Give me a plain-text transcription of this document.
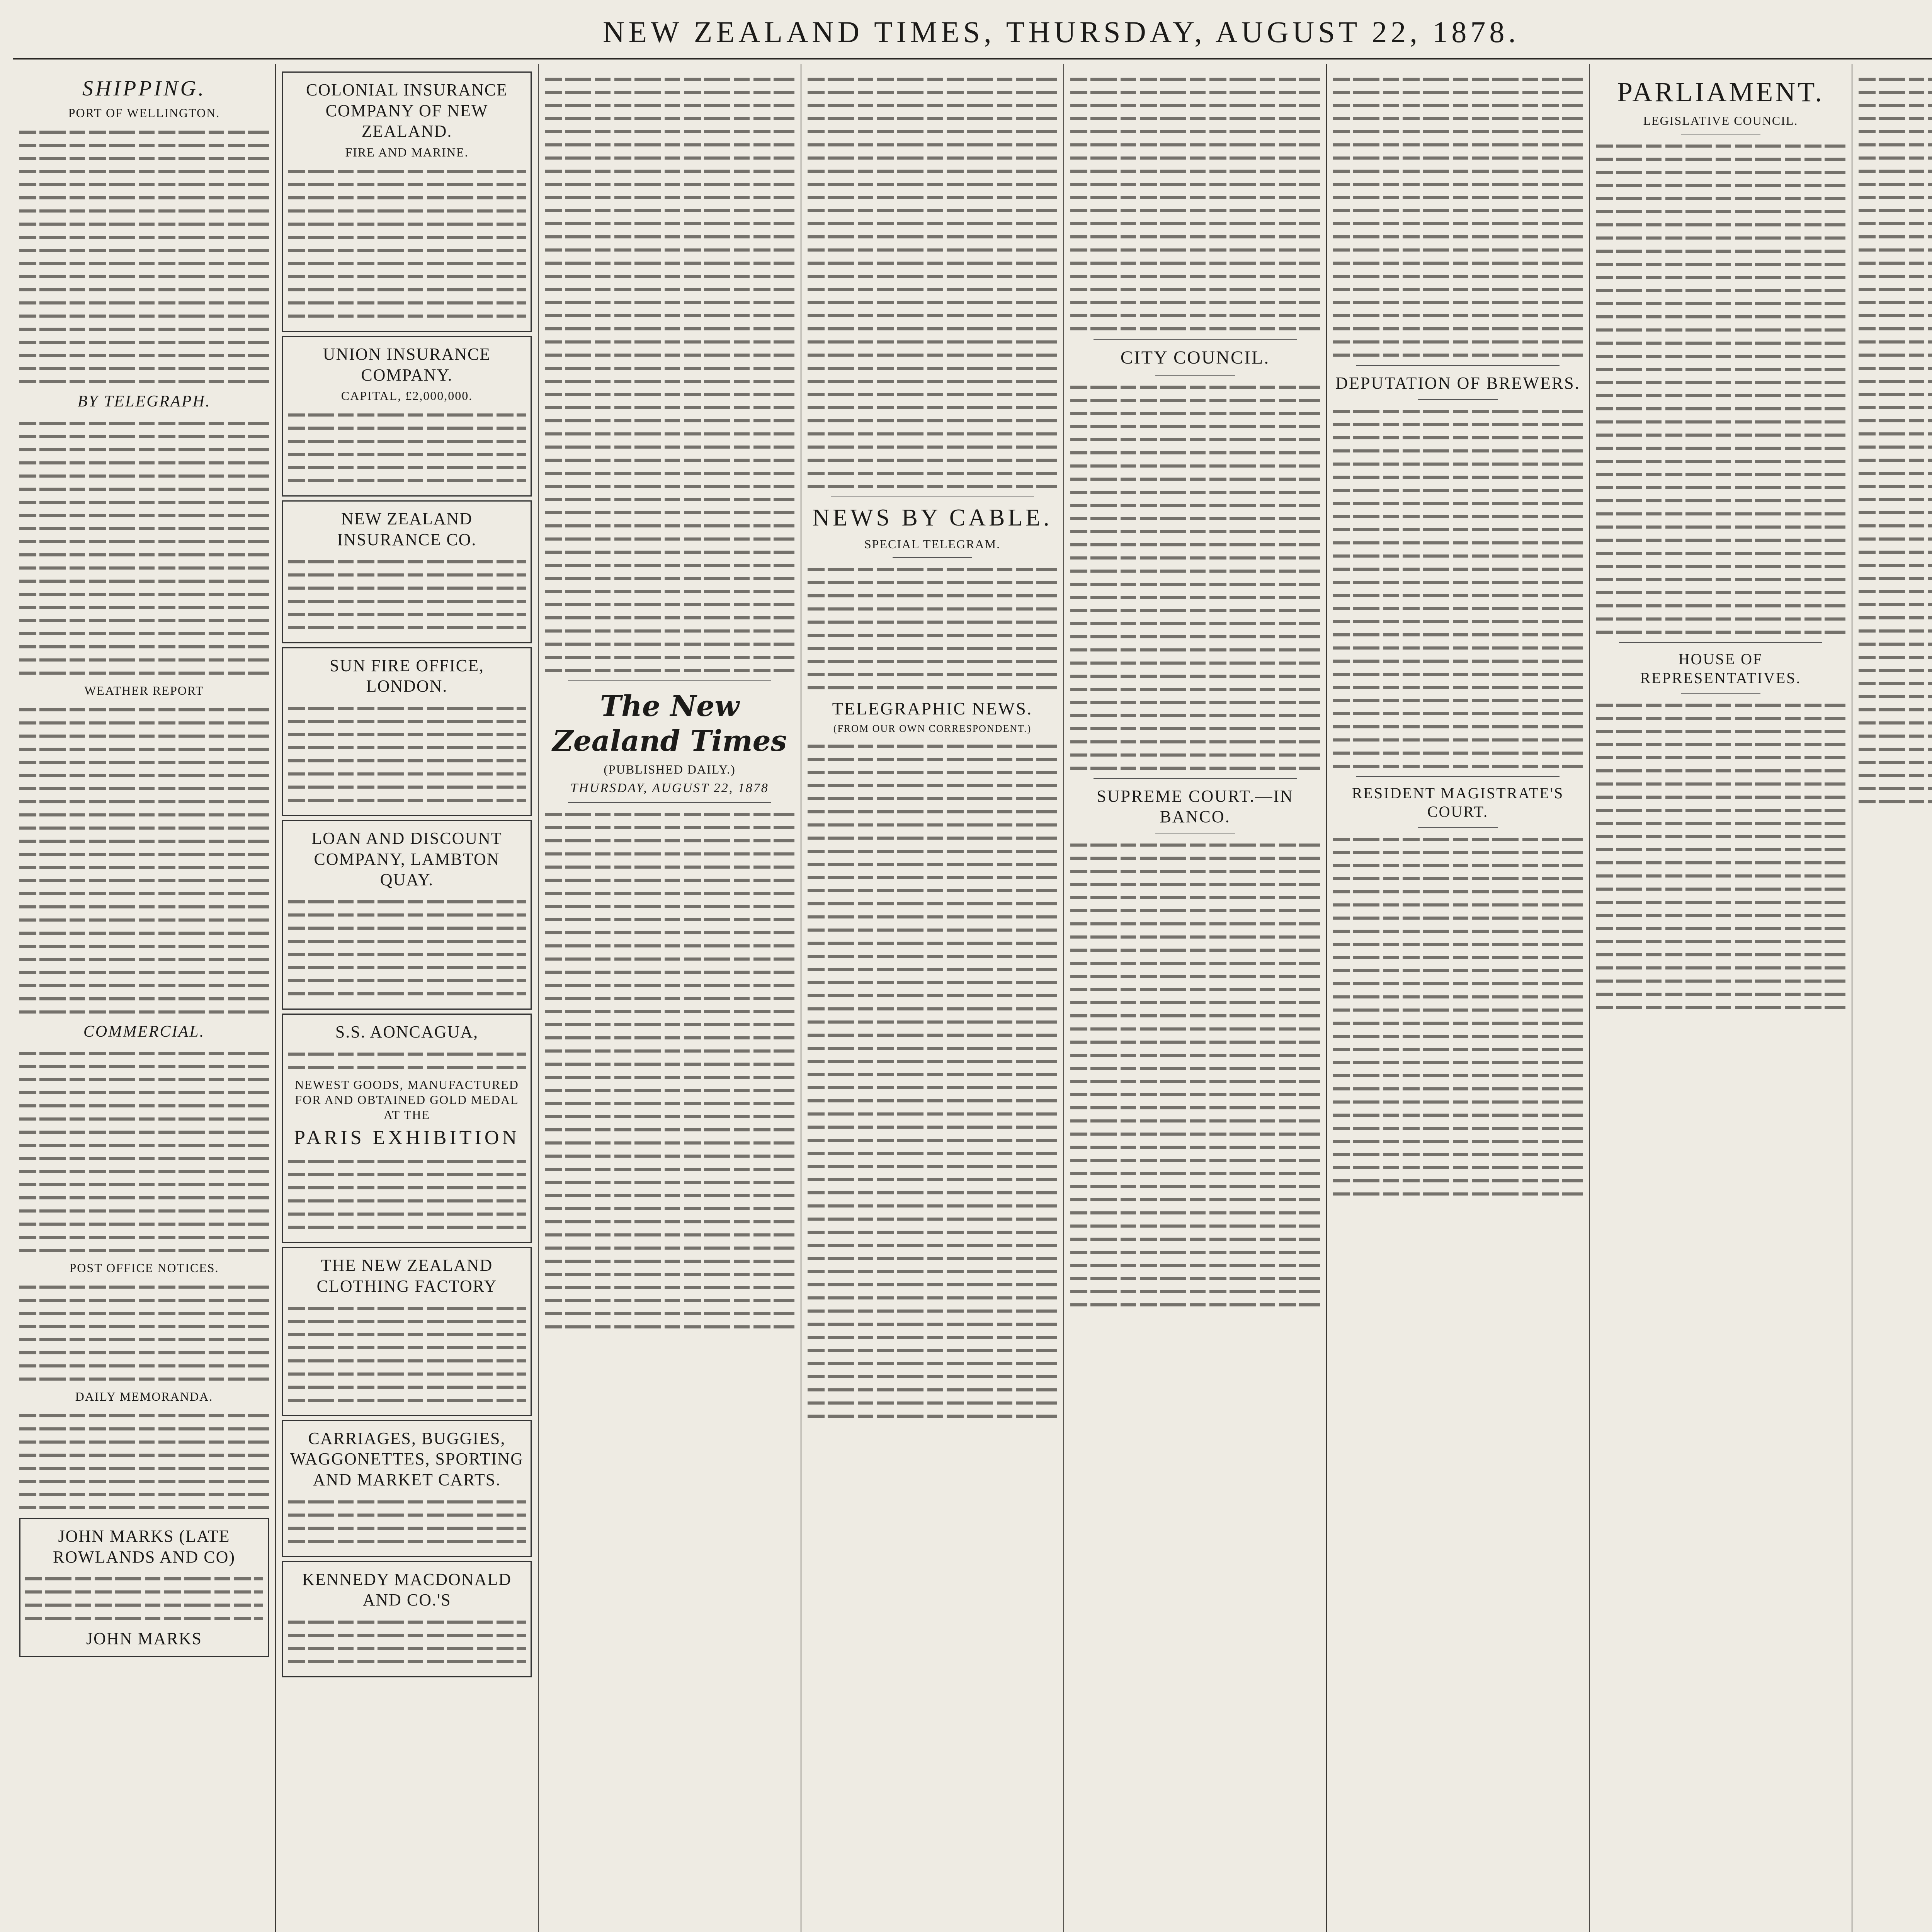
NEW ZEALAND TIMES, THURSDAY, AUGUST 22, 1878.
SHIPPING.
PORT OF WELLINGTON.
BY TELEGRAPH.
WEATHER REPORT
COMMERCIAL.
POST OFFICE NOTICES.
DAILY MEMORANDA.
JOHN MARKS (LATE ROWLANDS AND CO)
JOHN MARKS
COLONIAL INSURANCE COMPANY OF NEW ZEALAND.
FIRE AND MARINE.
UNION INSURANCE COMPANY.
CAPITAL, £2,000,000.
NEW ZEALAND INSURANCE CO.
SUN FIRE OFFICE, LONDON.
LOAN AND DISCOUNT COMPANY, LAMBTON QUAY.
S.S. AONCAGUA,
NEWEST GOODS, MANUFACTURED FOR AND OBTAINED GOLD MEDAL AT THE
PARIS EXHIBITION
THE NEW ZEALAND CLOTHING FACTORY
CARRIAGES, BUGGIES, WAGGONETTES, SPORTING AND MARKET CARTS.
KENNEDY MACDONALD AND CO.'S
The New Zealand Times
(PUBLISHED DAILY.)
THURSDAY, AUGUST 22, 1878
NEWS BY CABLE.
SPECIAL TELEGRAM.
TELEGRAPHIC NEWS.
(FROM OUR OWN CORRESPONDENT.)
CITY COUNCIL.
SUPREME COURT.—IN BANCO.
DEPUTATION OF BREWERS.
RESIDENT MAGISTRATE'S COURT.
PARLIAMENT.
LEGISLATIVE COUNCIL.
HOUSE OF REPRESENTATIVES.
